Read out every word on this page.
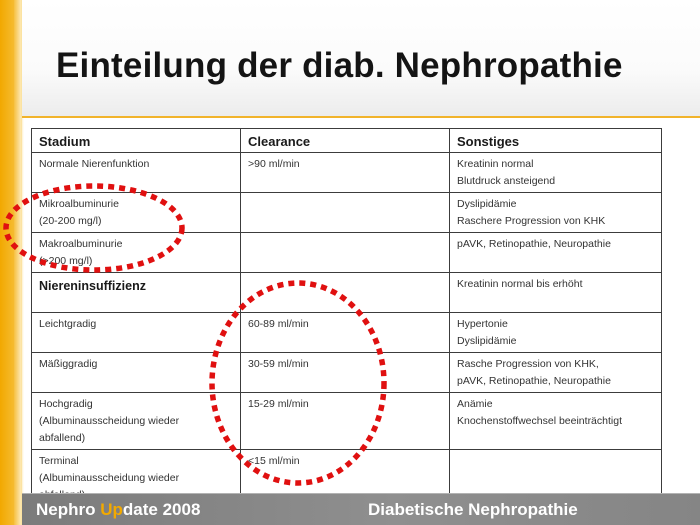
Einteilung der diab. Nephropathie
Stadium	Clearance	Sonstiges

Normale Nierenfunktion	>90 ml/min	Kreatinin normal
Blutdruck ansteigend

Mikroalbuminurie
(20-200 mg/l)		Dyslipidämie
Raschere Progression von KHK

Makroalbuminurie
(>200 mg/l)		pAVK, Retinopathie, Neuropathie

Niereninsuffizienz		Kreatinin normal bis erhöht

Leichtgradig	60-89 ml/min	Hypertonie
Dyslipidämie

Mäßiggradig	30-59 ml/min	Rasche Progression von KHK,
pAVK, Retinopathie, Neuropathie

Hochgradig
(Albuminausscheidung wieder
abfallend)	15-29 ml/min	Anämie
Knochenstoffwechsel beeinträchtigt

Terminal
(Albuminausscheidung wieder	<15 ml/min	

Nephro Update 2008	Diabetische Nephropathie
